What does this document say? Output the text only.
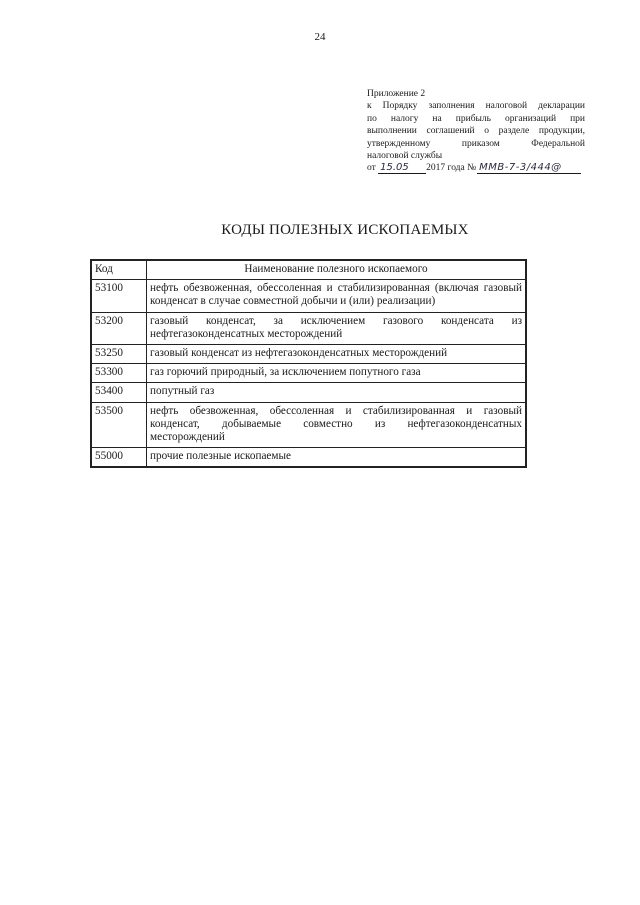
24
Приложение 2
к Порядку заполнения налоговой декларации
по налогу на прибыль организаций при
выполнении соглашений о разделе продукции,
утвержденному приказом Федеральной
налоговой службы
от
15.05	2017 года № ММВ-7-3/444@
КОДЫ ПОЛЕЗНЫХ ИСКОПАЕМЫХ
Код	Наименование полезного ископаемого
53100	нефть обезвоженная, обессоленная и стабилизированная (включая газовый конденсат в случае совместной добычи и (или) реализации)
53200	газовый конденсат, за исключением газового конденсата из нефтегазоконденсатных месторождений
53250	газовый конденсат из нефтегазоконденсатных месторождений
53300	газ горючий природный, за исключением попутного газа
53400	попутный газ
53500	нефть обезвоженная, обессоленная и стабилизированная и газовый конденсат, добываемые совместно из нефтегазоконденсатных месторождений
55000	прочие полезные ископаемые
